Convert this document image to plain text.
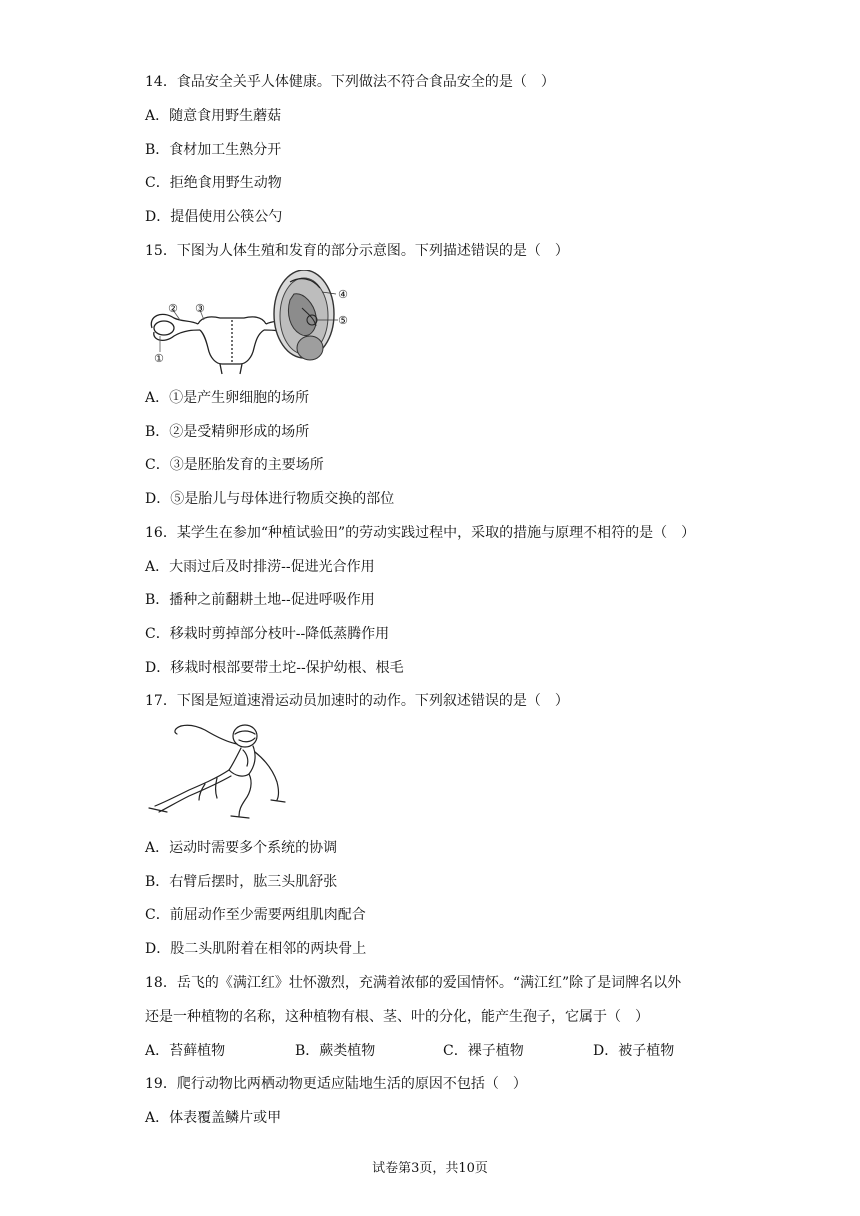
14．食品安全关乎人体健康。下列做法不符合食品安全的是（　）
A．随意食用野生蘑菇
B．食材加工生熟分开
C．拒绝食用野生动物
D．提倡使用公筷公勺
15．下图为人体生殖和发育的部分示意图。下列描述错误的是（　）
② ③
①
④
⑤
A．①是产生卵细胞的场所
B．②是受精卵形成的场所
C．③是胚胎发育的主要场所
D．⑤是胎儿与母体进行物质交换的部位
16．某学生在参加“种植试验田”的劳动实践过程中，采取的措施与原理不相符的是（　）
A．大雨过后及时排涝--促进光合作用
B．播种之前翻耕土地--促进呼吸作用
C．移栽时剪掉部分枝叶--降低蒸腾作用
D．移栽时根部要带土坨--保护幼根、根毛
17．下图是短道速滑运动员加速时的动作。下列叙述错误的是（　）
A．运动时需要多个系统的协调
B．右臂后摆时，肱三头肌舒张
C．前屈动作至少需要两组肌肉配合
D．股二头肌附着在相邻的两块骨上
18．岳飞的《满江红》壮怀激烈，充满着浓郁的爱国情怀。“满江红”除了是词牌名以外
还是一种植物的名称，这种植物有根、茎、叶的分化，能产生孢子，它属于（　）
A．苔藓植物	B．蕨类植物	C．裸子植物	D．被子植物
19．爬行动物比两栖动物更适应陆地生活的原因不包括（　）
A．体表覆盖鳞片或甲
试卷第3页，共10页
